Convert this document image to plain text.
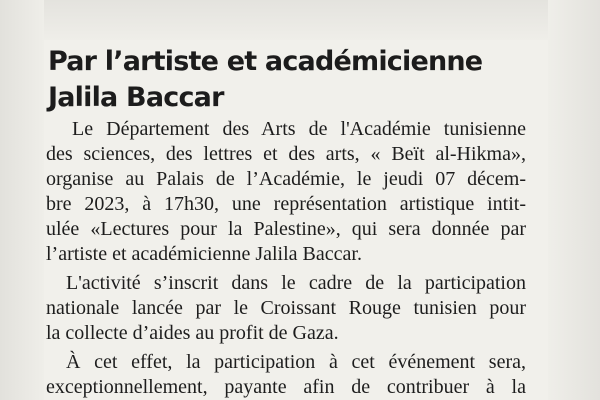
Par l’artiste et académicienne
Jalila Baccar

Le Département des Arts de l'Académie tunisienne
des sciences, des lettres et des arts, « Beït al-Hikma»,
organise au Palais de l’Académie, le jeudi 07 décem-
bre 2023, à 17h30, une représentation artistique intit-
ulée «Lectures pour la Palestine», qui sera donnée par
l’artiste et académicienne Jalila Baccar.

L'activité s’inscrit dans le cadre de la participation
nationale lancée par le Croissant Rouge tunisien pour
la collecte d’aides au profit de Gaza.

À cet effet, la participation à cet événement sera,
exceptionnellement, payante afin de contribuer à la
